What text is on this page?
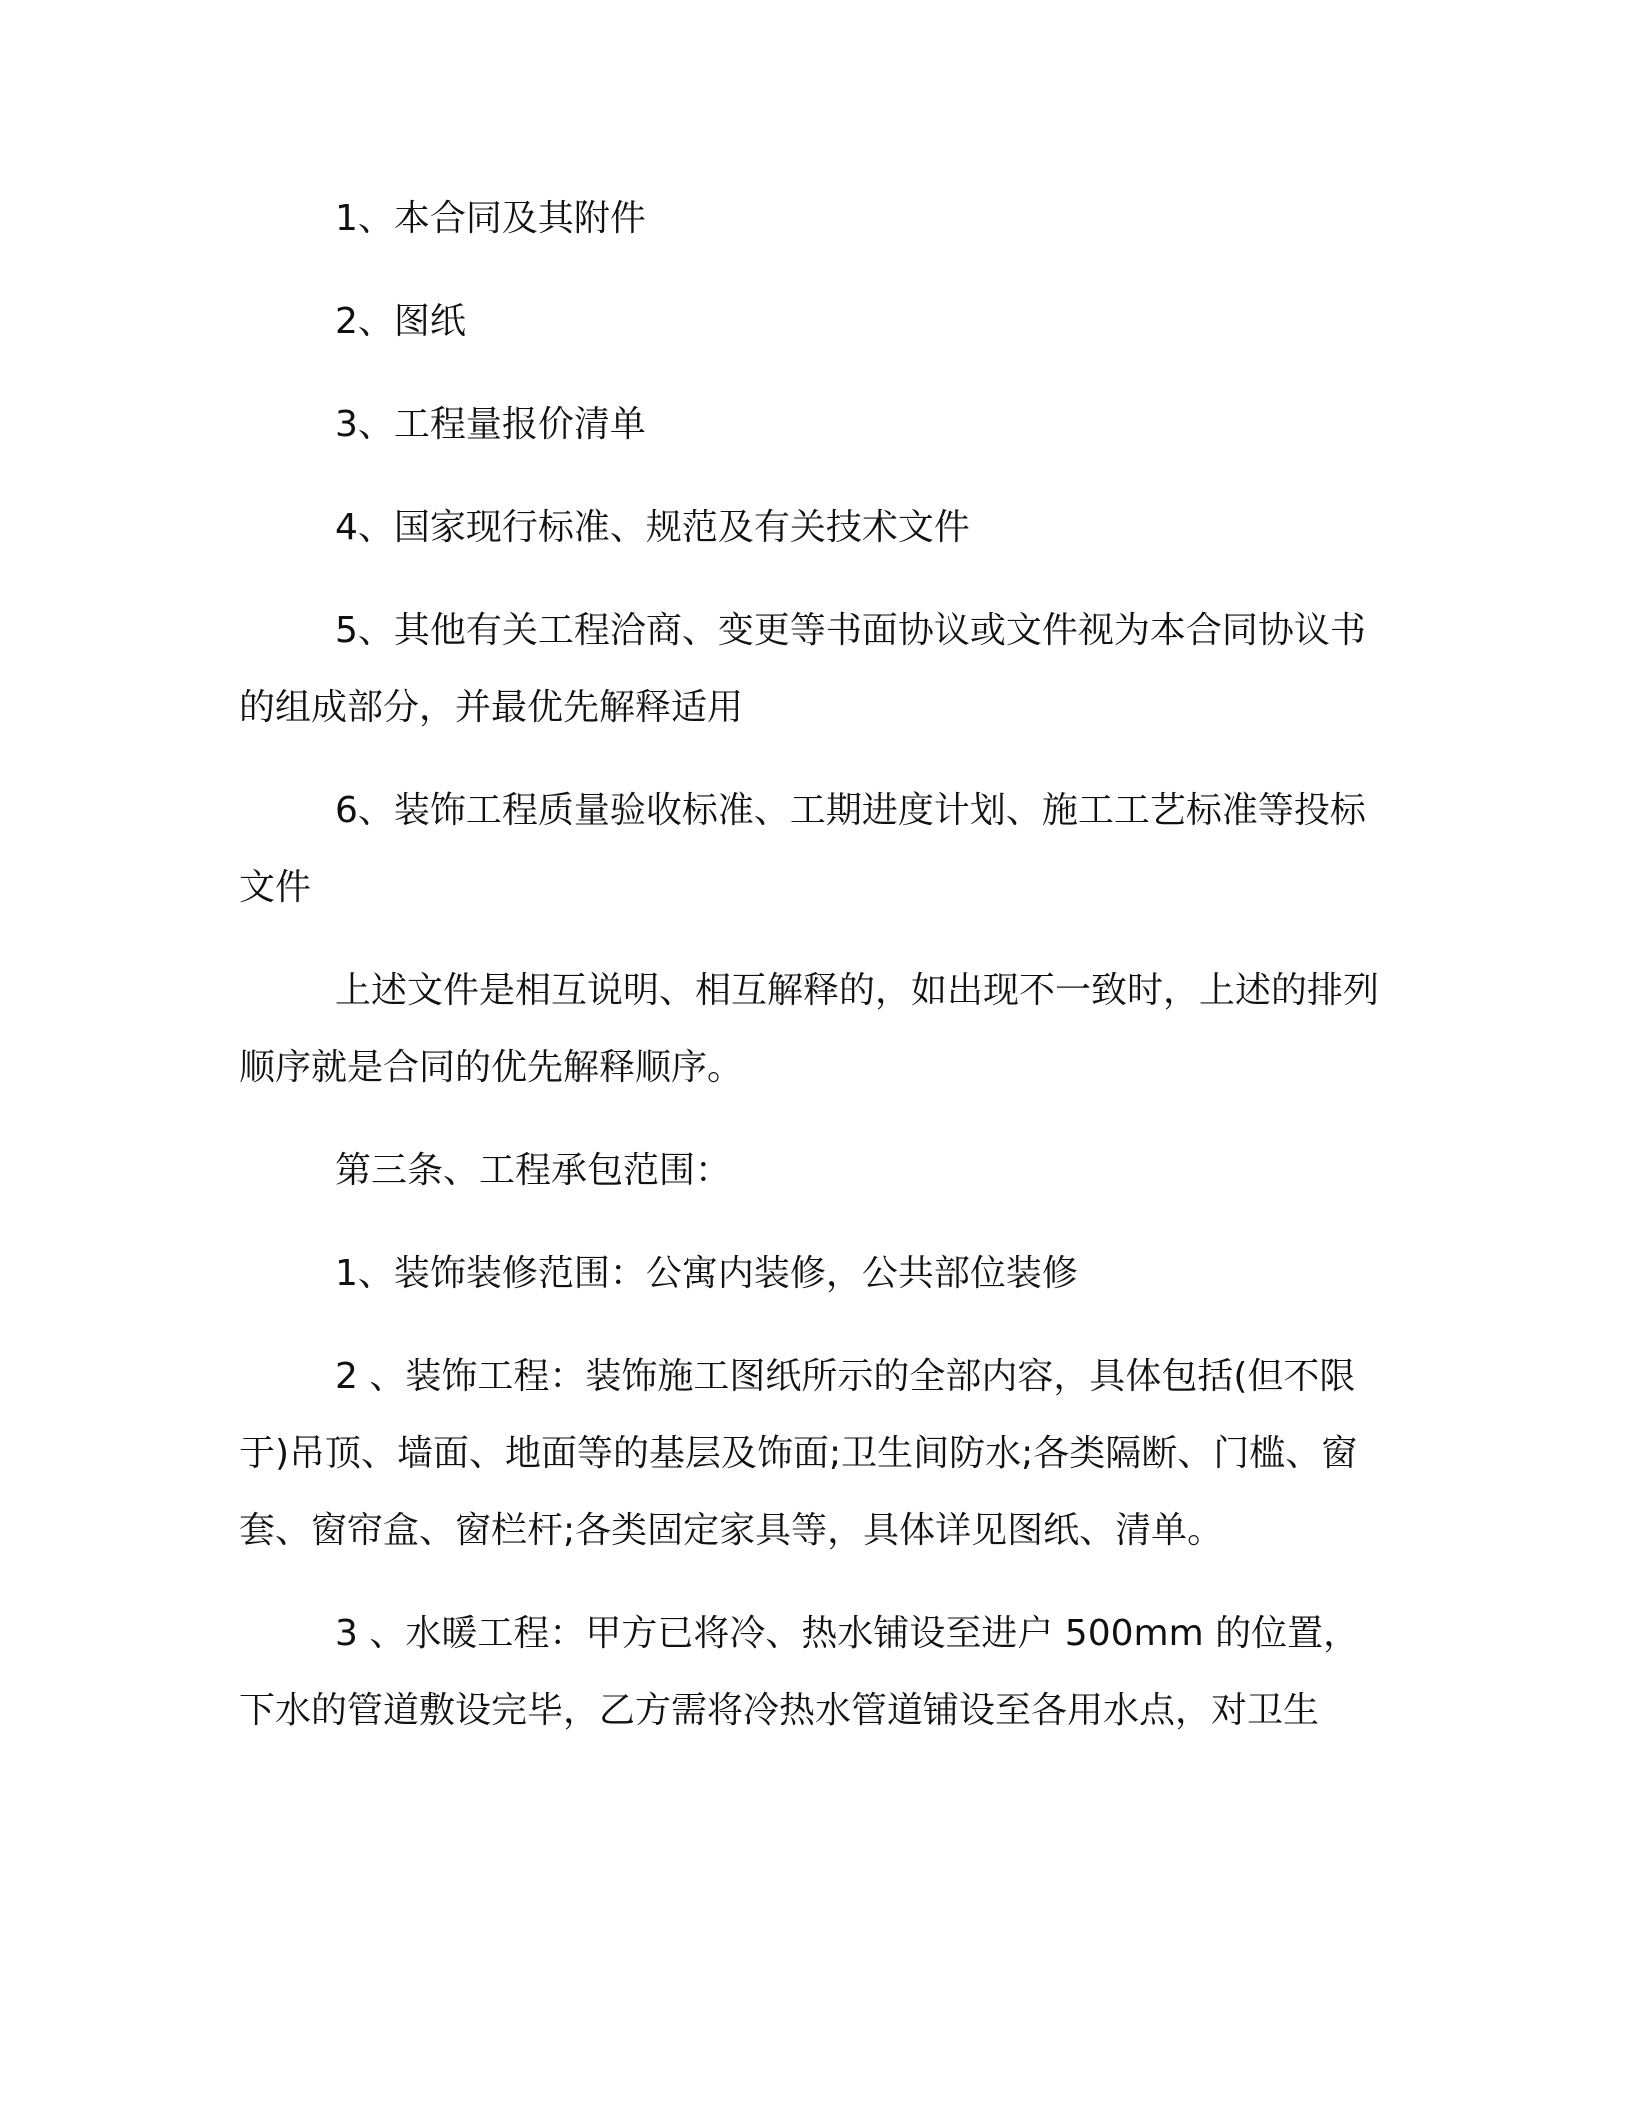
1、本合同及其附件

2、图纸

3、工程量报价清单

4、国家现行标准、规范及有关技术文件

5、其他有关工程洽商、变更等书面协议或文件视为本合同协议书的组成部分，并最优先解释适用

6、装饰工程质量验收标准、工期进度计划、施工工艺标准等投标文件

上述文件是相互说明、相互解释的，如出现不一致时，上述的排列顺序就是合同的优先解释顺序。

第三条、工程承包范围：

1、装饰装修范围：公寓内装修，公共部位装修

2 、装饰工程：装饰施工图纸所示的全部内容，具体包括(但不限于)吊顶、墙面、地面等的基层及饰面;卫生间防水;各类隔断、门槛、窗套、窗帘盒、窗栏杆;各类固定家具等，具体详见图纸、清单。

3 、水暖工程：甲方已将冷、热水铺设至进户 500mm 的位置，下水的管道敷设完毕，乙方需将冷热水管道铺设至各用水点，对卫生
